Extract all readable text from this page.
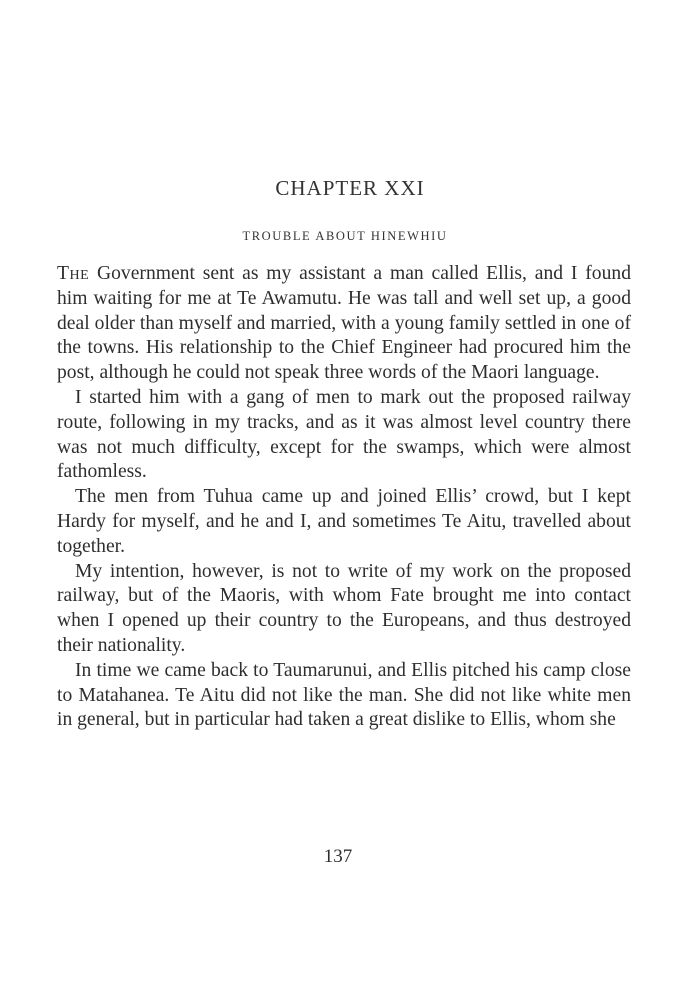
CHAPTER XXI
TROUBLE ABOUT HINEWHIU

The Government sent as my assistant a man called Ellis, and I found him waiting for me at Te Awamutu. He was tall and well set up, a good deal older than myself and married, with a young family settled in one of the towns. His relationship to the Chief Engineer had procured him the post, although he could not speak three words of the Maori language.

I started him with a gang of men to mark out the proposed railway route, following in my tracks, and as it was almost level country there was not much difficulty, except for the swamps, which were almost fathomless.

The men from Tuhua came up and joined Ellis’ crowd, but I kept Hardy for myself, and he and I, and sometimes Te Aitu, travelled about together.

My intention, however, is not to write of my work on the proposed railway, but of the Maoris, with whom Fate brought me into contact when I opened up their country to the Europeans, and thus destroyed their nationality.

In time we came back to Taumarunui, and Ellis pitched his camp close to Matahanea. Te Aitu did not like the man. She did not like white men in general, but in particular had taken a great dislike to Ellis, whom she

137
